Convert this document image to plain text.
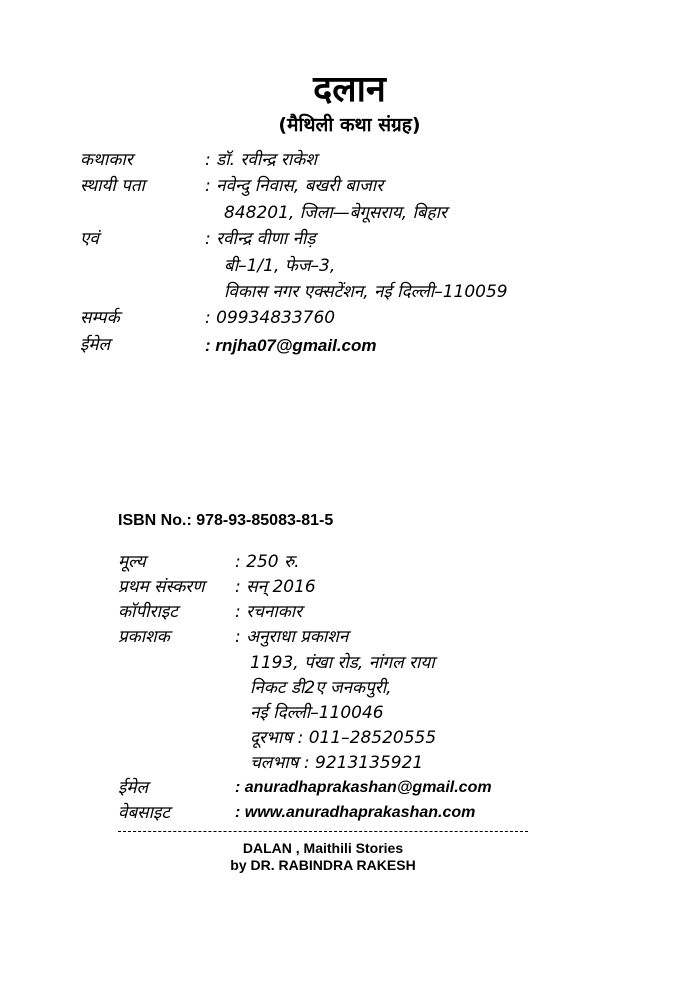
दलान
(मैथिली कथा संग्रह)
कथाकार	: डॉ. रवीन्द्र राकेश
स्थायी पता	: नवेन्दु निवास, बखरी बाजार
848201, जिला—बेगूसराय, बिहार
एवं	: रवीन्द्र वीणा नीड़
बी–1/1, फेज–3,
विकास नगर एक्सटेंशन, नई दिल्ली–110059
सम्पर्क	: 09934833760
ईमेल	: rnjha07@gmail.com
ISBN No.: 978-93-85083-81-5
मूल्य	: 250 रु.
प्रथम संस्करण : सन् 2016
कॉपीराइट	: रचनाकार
प्रकाशक	: अनुराधा प्रकाशन
1193, पंखा रोड, नांगल राया
निकट डी2ए जनकपुरी,
नई दिल्ली–110046
दूरभाष : 011–28520555
चलभाष : 9213135921
ईमेल	: anuradhaprakashan@gmail.com
वेबसाइट	: www.anuradhaprakashan.com
DALAN , Maithili Stories
by DR. RABINDRA RAKESH
